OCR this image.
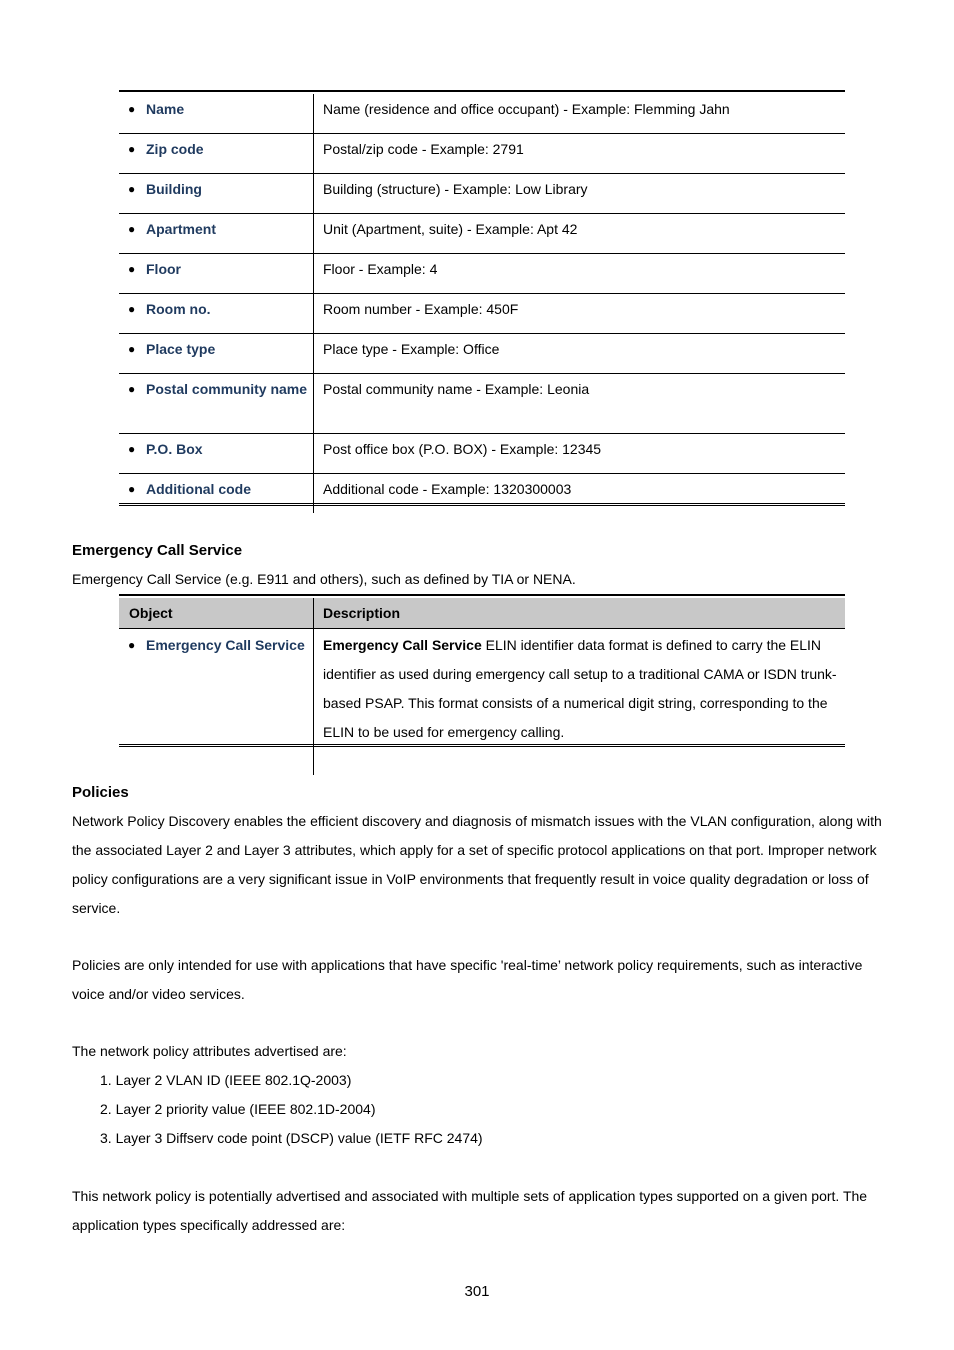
● Name	Name (residence and office occupant) - Example: Flemming Jahn

● Zip code	Postal/zip code - Example: 2791

● Building	Building (structure) - Example: Low Library

● Apartment	Unit (Apartment, suite) - Example: Apt 42

● Floor	Floor - Example: 4

● Room no.	Room number - Example: 450F

● Place type	Place type - Example: Office

● Postal community name	Postal community name - Example: Leonia

● P.O. Box	Post office box (P.O. BOX) - Example: 12345

● Additional code	Additional code - Example: 1320300003
Emergency Call Service
Emergency Call Service (e.g. E911 and others), such as defined by TIA or NENA.
Object	Description

● Emergency Call Service	Emergency Call Service ELIN identifier data format is defined to carry the ELIN identifier as used during emergency call setup to a traditional CAMA or ISDN trunk-based PSAP. This format consists of a numerical digit string, corresponding to the ELIN to be used for emergency calling.
Policies
Network Policy Discovery enables the efficient discovery and diagnosis of mismatch issues with the VLAN configuration, along with the associated Layer 2 and Layer 3 attributes, which apply for a set of specific protocol applications on that port. Improper network policy configurations are a very significant issue in VoIP environments that frequently result in voice quality degradation or loss of service.
Policies are only intended for use with applications that have specific 'real-time’ network policy requirements, such as interactive voice and/or video services.
The network policy attributes advertised are:
1. Layer 2 VLAN ID (IEEE 802.1Q-2003)
2. Layer 2 priority value (IEEE 802.1D-2004)
3. Layer 3 Diffserv code point (DSCP) value (IETF RFC 2474)
This network policy is potentially advertised and associated with multiple sets of application types supported on a given port. The application types specifically addressed are:
301
